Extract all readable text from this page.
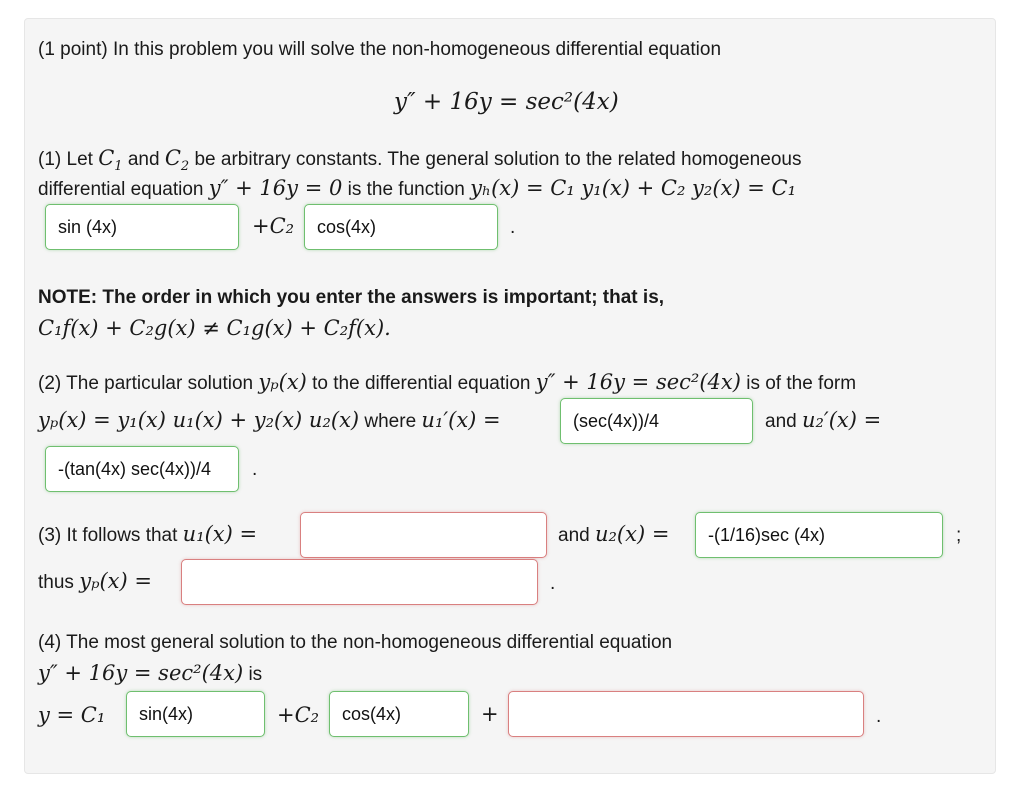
(1 point) In this problem you will solve the non-homogeneous differential equation
y″ + 16y = sec²(4x)
(1) Let $C_1$ and $C_2$ be arbitrary constants. The general solution to the related homogeneous
differential equation y″ + 16y = 0 is the function yₕ(x) = C₁ y₁(x) + C₂ y₂(x) = C₁
sin (4x)	+C₂	cos(4x)	.
NOTE: The order in which you enter the answers is important; that is,
C₁f(x) + C₂g(x) ≠ C₁g(x) + C₂f(x).
(2) The particular solution yₚ(x) to the differential equation y″ + 16y = sec²(4x) is of the form
yₚ(x) = y₁(x) u₁(x) + y₂(x) u₂(x) where u₁′(x) =	(sec(4x))/4	and u₂′(x) =
-(tan(4x) sec(4x))/4	.
(3) It follows that u₁(x) =	and u₂(x) =	-(1/16)sec (4x)	;
thus yₚ(x) =	.
(4) The most general solution to the non-homogeneous differential equation
y″ + 16y = sec²(4x) is
y = C₁	sin(4x)	+C₂	cos(4x)	+	.
